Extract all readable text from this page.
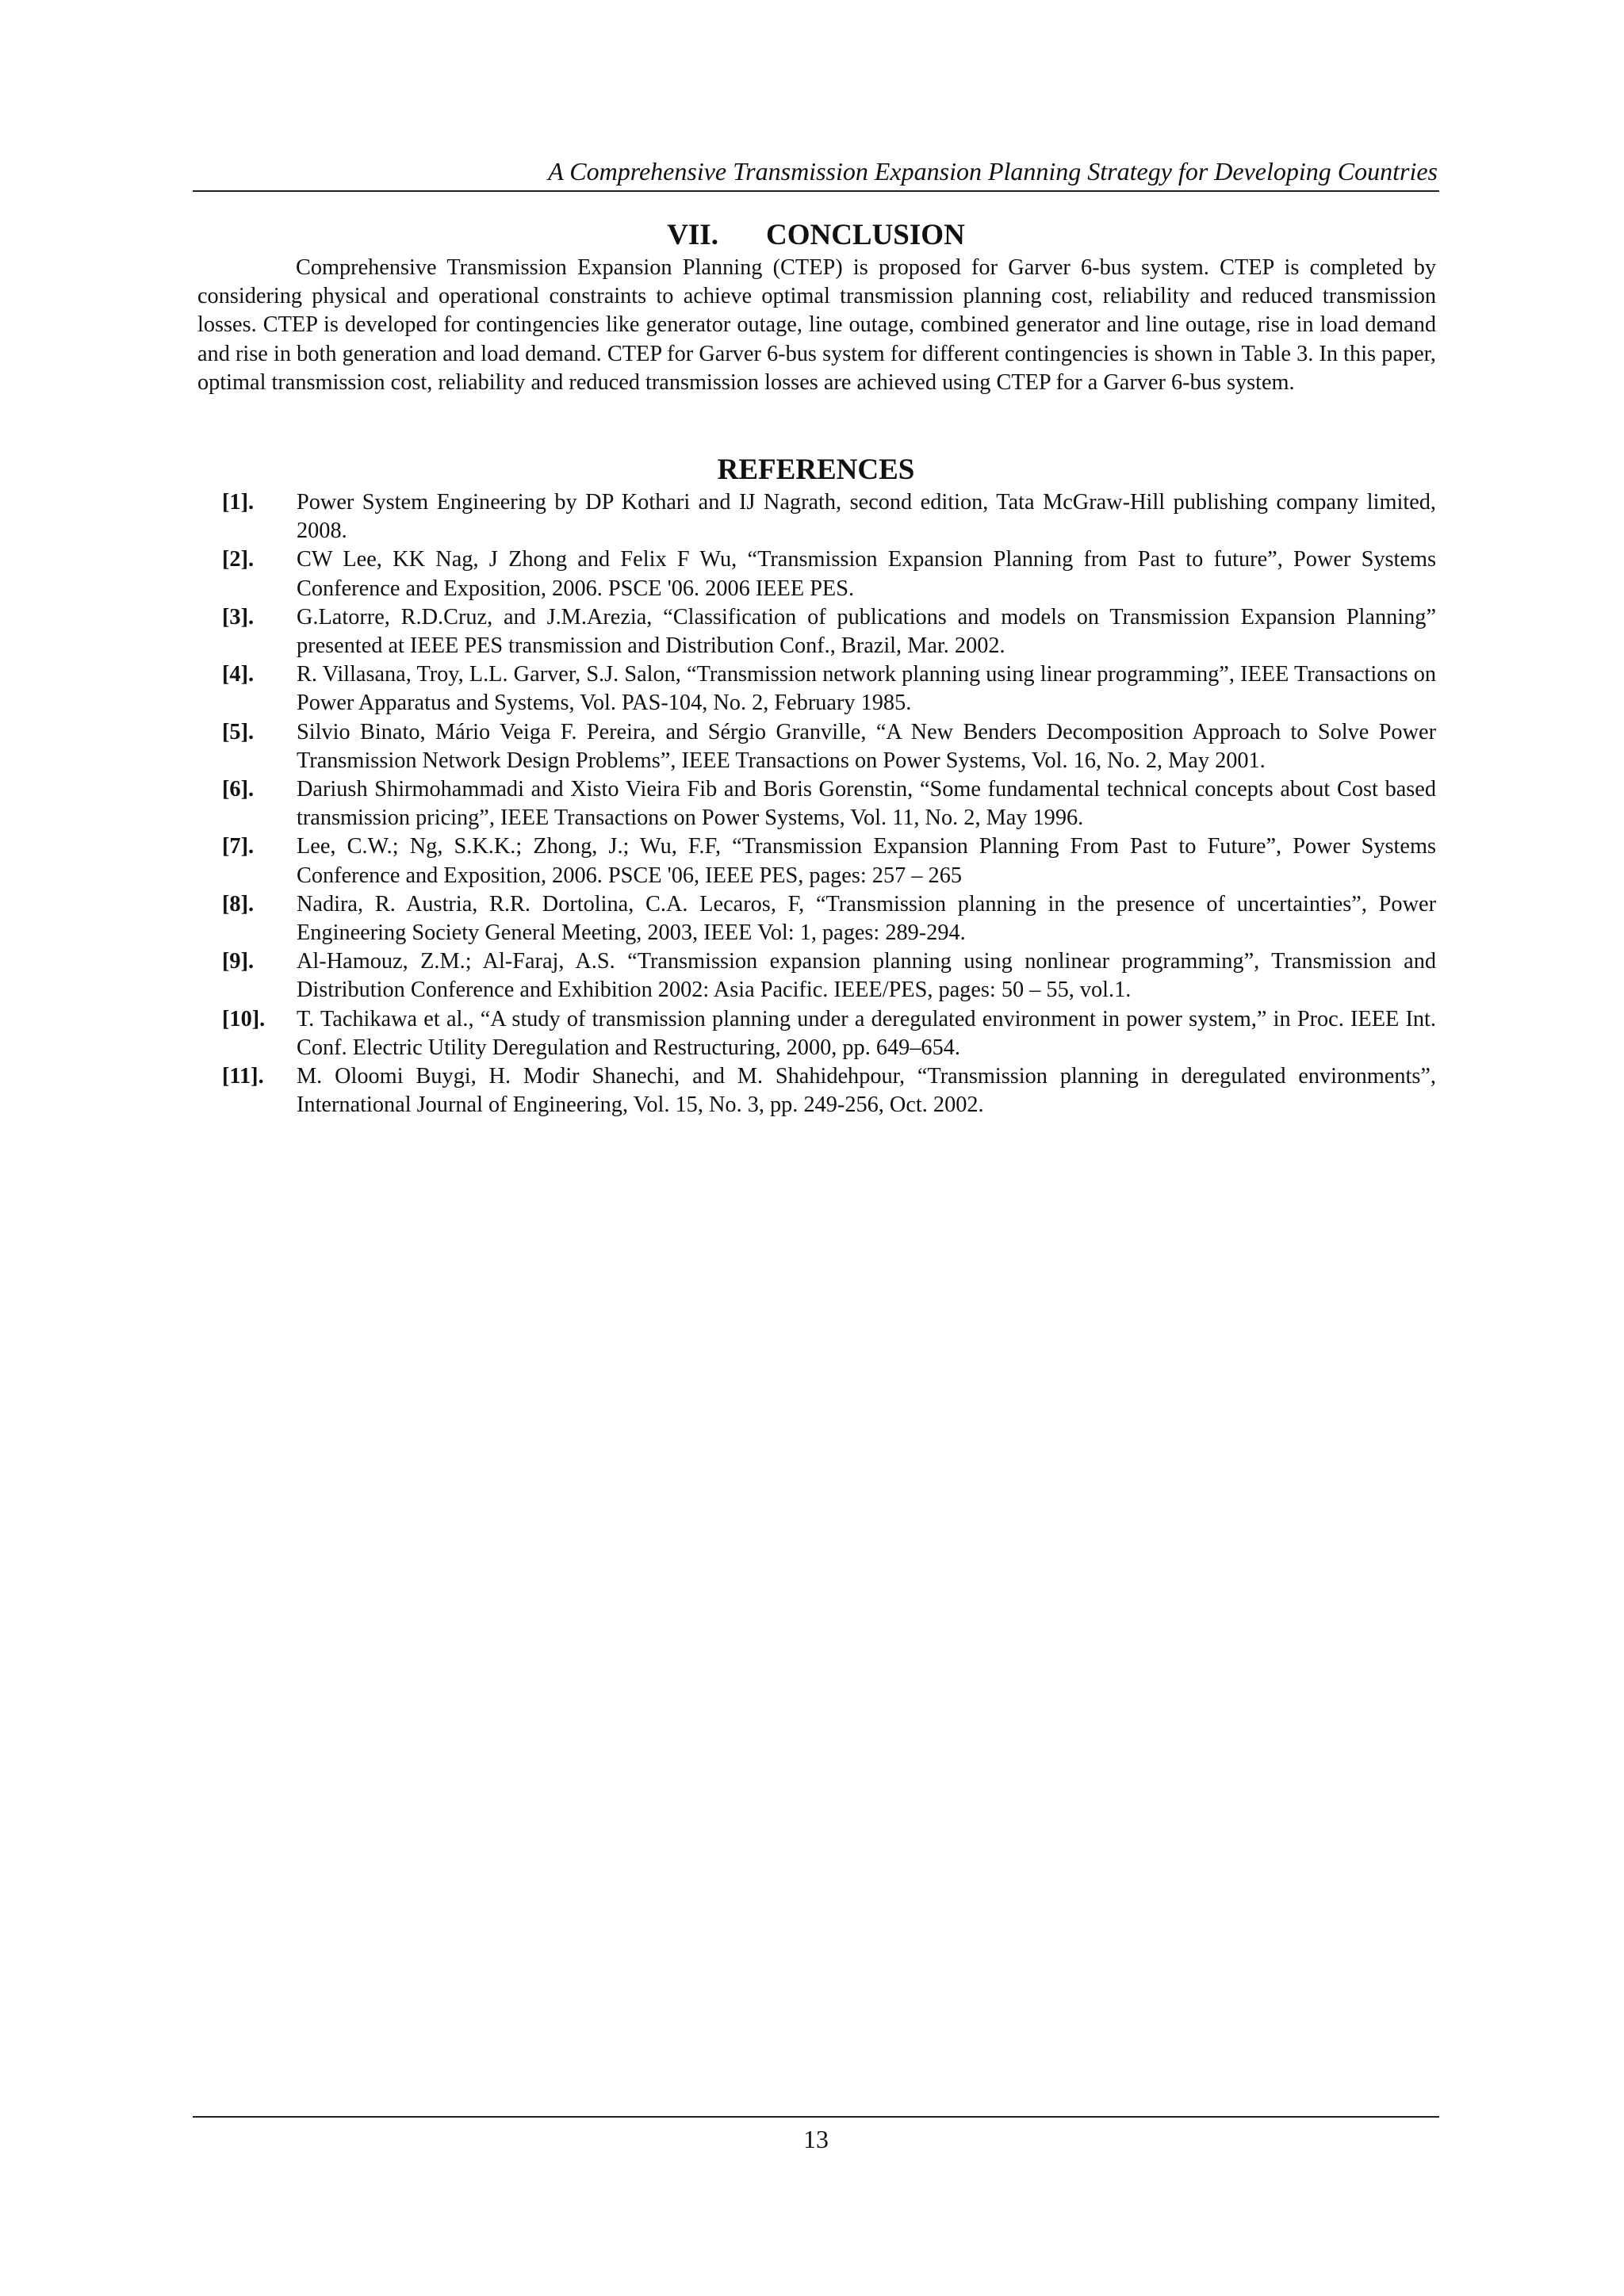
A Comprehensive Transmission Expansion Planning Strategy for Developing Countries
VII. CONCLUSION

Comprehensive Transmission Expansion Planning (CTEP) is proposed for Garver 6-bus system. CTEP is completed by considering physical and operational constraints to achieve optimal transmission planning cost, reliability and reduced transmission losses. CTEP is developed for contingencies like generator outage, line outage, combined generator and line outage, rise in load demand and rise in both generation and load demand. CTEP for Garver 6-bus system for different contingencies is shown in Table 3. In this paper, optimal transmission cost, reliability and reduced transmission losses are achieved using CTEP for a Garver 6-bus system.

REFERENCES
[1]. Power System Engineering by DP Kothari and IJ Nagrath, second edition, Tata McGraw-Hill publishing company limited, 2008.
[2]. CW Lee, KK Nag, J Zhong and Felix F Wu, “Transmission Expansion Planning from Past to future”, Power Systems Conference and Exposition, 2006. PSCE '06. 2006 IEEE PES.
[3]. G.Latorre, R.D.Cruz, and J.M.Arezia, “Classification of publications and models on Transmission Expansion Planning” presented at IEEE PES transmission and Distribution Conf., Brazil, Mar. 2002.
[4]. R. Villasana, Troy, L.L. Garver, S.J. Salon, “Transmission network planning using linear programming”, IEEE Transactions on Power Apparatus and Systems, Vol. PAS-104, No. 2, February 1985.
[5]. Silvio Binato, Mário Veiga F. Pereira, and Sérgio Granville, “A New Benders Decomposition Approach to Solve Power Transmission Network Design Problems”, IEEE Transactions on Power Systems, Vol. 16, No. 2, May 2001.
[6]. Dariush Shirmohammadi and Xisto Vieira Fib and Boris Gorenstin, “Some fundamental technical concepts about Cost based transmission pricing”, IEEE Transactions on Power Systems, Vol. 11, No. 2, May 1996.
[7]. Lee, C.W.; Ng, S.K.K.; Zhong, J.; Wu, F.F, “Transmission Expansion Planning From Past to Future”, Power Systems Conference and Exposition, 2006. PSCE '06, IEEE PES, pages: 257 – 265
[8]. Nadira, R. Austria, R.R. Dortolina, C.A. Lecaros, F, “Transmission planning in the presence of uncertainties”, Power Engineering Society General Meeting, 2003, IEEE Vol: 1, pages: 289-294.
[9]. Al-Hamouz, Z.M.; Al-Faraj, A.S. “Transmission expansion planning using nonlinear programming”, Transmission and Distribution Conference and Exhibition 2002: Asia Pacific. IEEE/PES, pages: 50 – 55, vol.1.
[10]. T. Tachikawa et al., “A study of transmission planning under a deregulated environment in power system,” in Proc. IEEE Int. Conf. Electric Utility Deregulation and Restructuring, 2000, pp. 649–654.
[11]. M. Oloomi Buygi, H. Modir Shanechi, and M. Shahidehpour, “Transmission planning in deregulated environments”, International Journal of Engineering, Vol. 15, No. 3, pp. 249-256, Oct. 2002.
13
